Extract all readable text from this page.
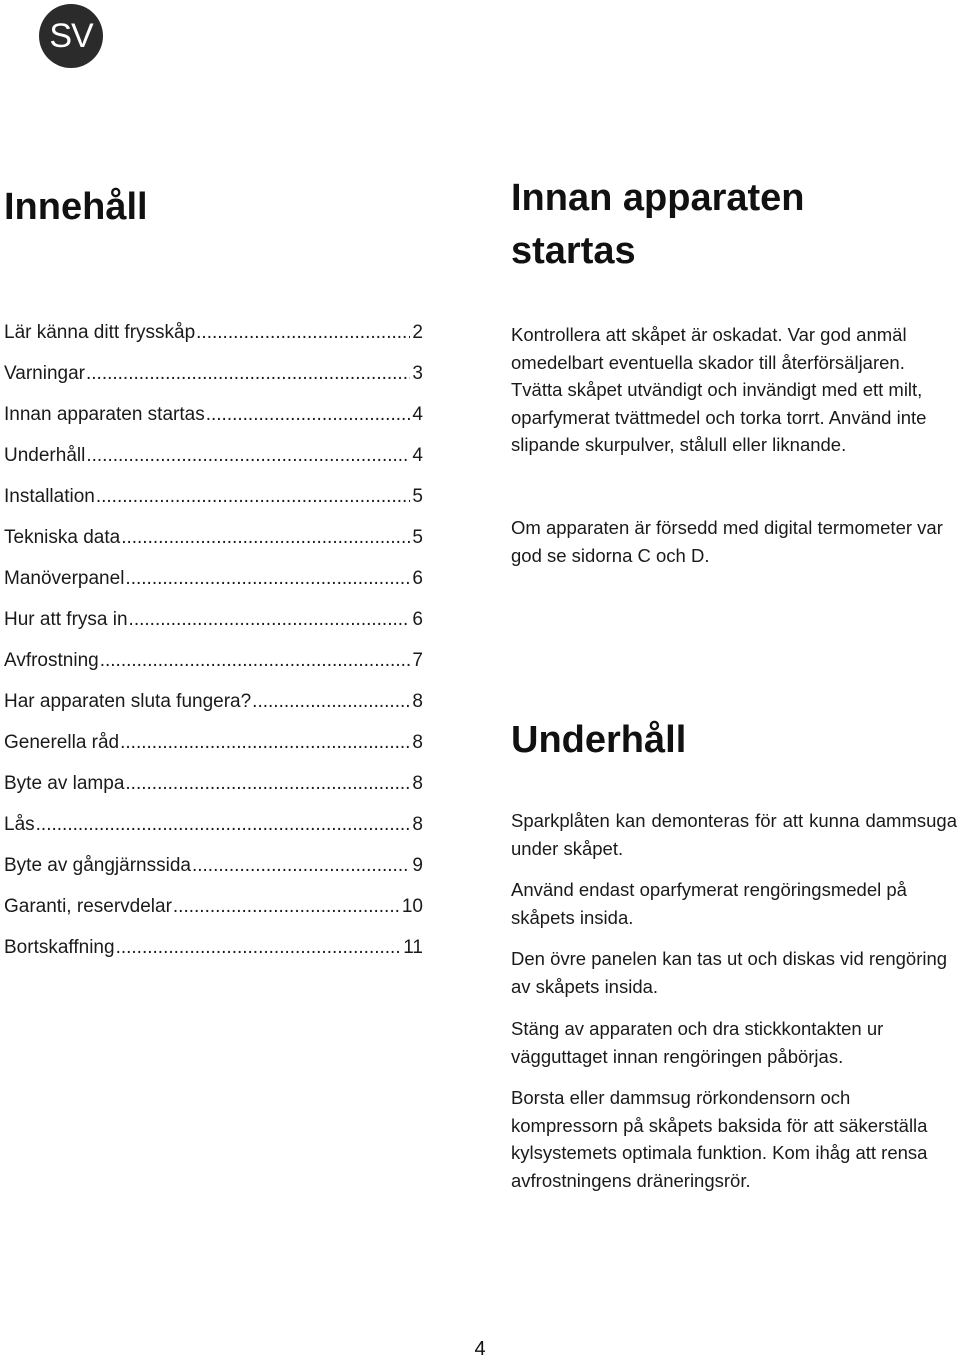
SV
Innehåll
Lär känna ditt frysskåp	2
.....
Varningar	3
.....
Innan apparaten startas	4
.....
Underhåll	4
.....
Installation	5
.....
Tekniska data	5
.....
Manöverpanel	6
.....
Hur att frysa in	6
.....
Avfrostning	7
.....
Har apparaten sluta fungera?	8
.....
Generella råd	8
.....
Byte av lampa	8
.....
Lås	8
.....
Byte av gångjärnssida	9
.....
Garanti, reservdelar	10
.....
Bortskaffning	11
.....
Innan apparaten
startas

Kontrollera att skåpet är oskadat. Var god anmäl omedelbart eventuella skador till återförsäljaren. Tvätta skåpet utvändigt och invändigt med ett milt, oparfymerat tvättmedel och torka torrt. Använd inte slipande skurpulver, stålull eller liknande.

Om apparaten är försedd med digital termometer var god se sidorna C och D.

Underhåll

Sparkplåten kan demonteras för att kunna dammsuga under skåpet.

Använd endast oparfymerat rengöringsmedel på skåpets insida.

Den övre panelen kan tas ut och diskas vid rengöring av skåpets insida.

Stäng av apparaten och dra stickkontakten ur vägguttaget innan rengöringen påbörjas.

Borsta eller dammsug rörkondensorn och kompressorn på skåpets baksida för att säkerställa kylsystemets optimala funktion. Kom ihåg att rensa avfrostningens dräneringsrör.

4
